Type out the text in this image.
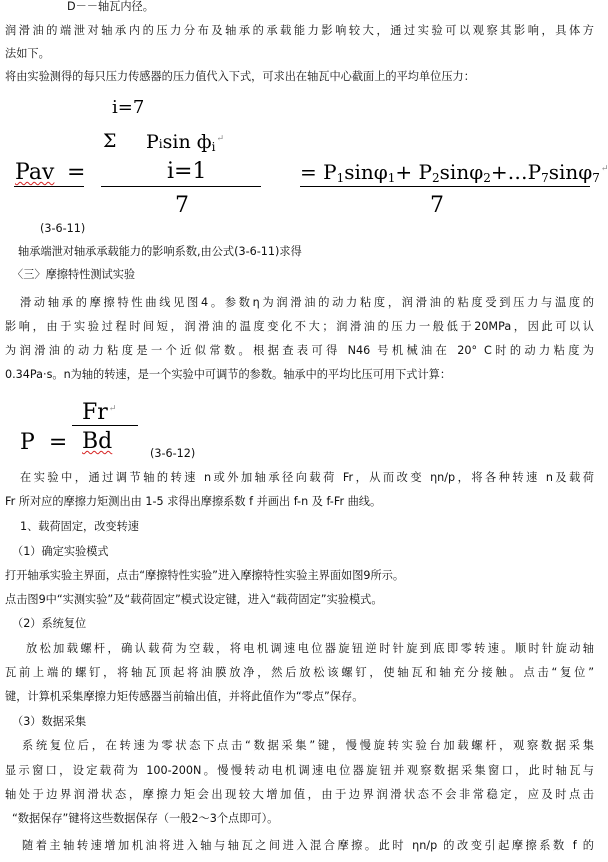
D－－轴瓦内径。
润滑油的端泄对轴承内的压力分布及轴承的承载能力影响较大，通过实验可以观察其影响，具体方
法如下。
将由实验测得的每只压力传感器的压力值代入下式，可求出在轴瓦中心截面上的平均单位压力：
i=7
Σ Pisin фi↵
Pav =	i=1
7
= P1sinφ1+ P2sinφ2+…P7sinφ7↵
7
(3-6-11)
轴承端泄对轴承承载能力的影响系数,由公式(3-6-11)求得
〈三〉摩擦特性测试实验
滑动轴承的摩擦特性曲线见图4。参数η为润滑油的动力粘度，润滑油的粘度受到压力与温度的
影响，由于实验过程时间短，润滑油的温度变化不大；润滑油的压力一般低于20MPa，因此可以认
为润滑油的动力粘度是一个近似常数。根据查表可得 N46 号机械油在 20° C时的动力粘度为
0.34Pa·s。n为轴的转速，是一个实验中可调节的参数。轴承中的平均比压可用下式计算：
P =
Fr↵
Bd	(3-6-12)
在实验中，通过调节轴的转速 n或外加轴承径向载荷 Fr，从而改变 ηn/p，将各种转速 n及载荷
Fr 所对应的摩擦力矩测出由 1-5 求得出摩擦系数 f 并画出 f-n 及 f-Fr 曲线。
1、载荷固定，改变转速
（1）确定实验模式
打开轴承实验主界面，点击“摩擦特性实验”进入摩擦特性实验主界面如图9所示。
点击图9中“实测实验”及“载荷固定”模式设定键，进入“载荷固定”实验模式。
（2）系统复位
放松加载螺杆，确认载荷为空载，将电机调速电位器旋钮逆时针旋到底即零转速。顺时针旋动轴
瓦前上端的螺钉，将轴瓦顶起将油膜放净，然后放松该螺钉，使轴瓦和轴充分接触。点击“复位”
键，计算机采集摩擦力矩传感器当前输出值，并将此值作为“零点”保存。
（3）数据采集
系统复位后，在转速为零状态下点击“数据采集”键，慢慢旋转实验台加载螺杆，观察数据采集
显示窗口，设定载荷为 100-200N。慢慢转动电机调速电位器旋钮并观察数据采集窗口，此时轴瓦与
轴处于边界润滑状态，摩擦力矩会出现较大增加值，由于边界润滑状态不会非常稳定，应及时点击
“数据保存”键将这些数据保存（一般2～3个点即可）。
随着主轴转速增加机油将进入轴与轴瓦之间进入混合摩擦。此时 ηn/p 的改变引起摩擦系数 f 的
